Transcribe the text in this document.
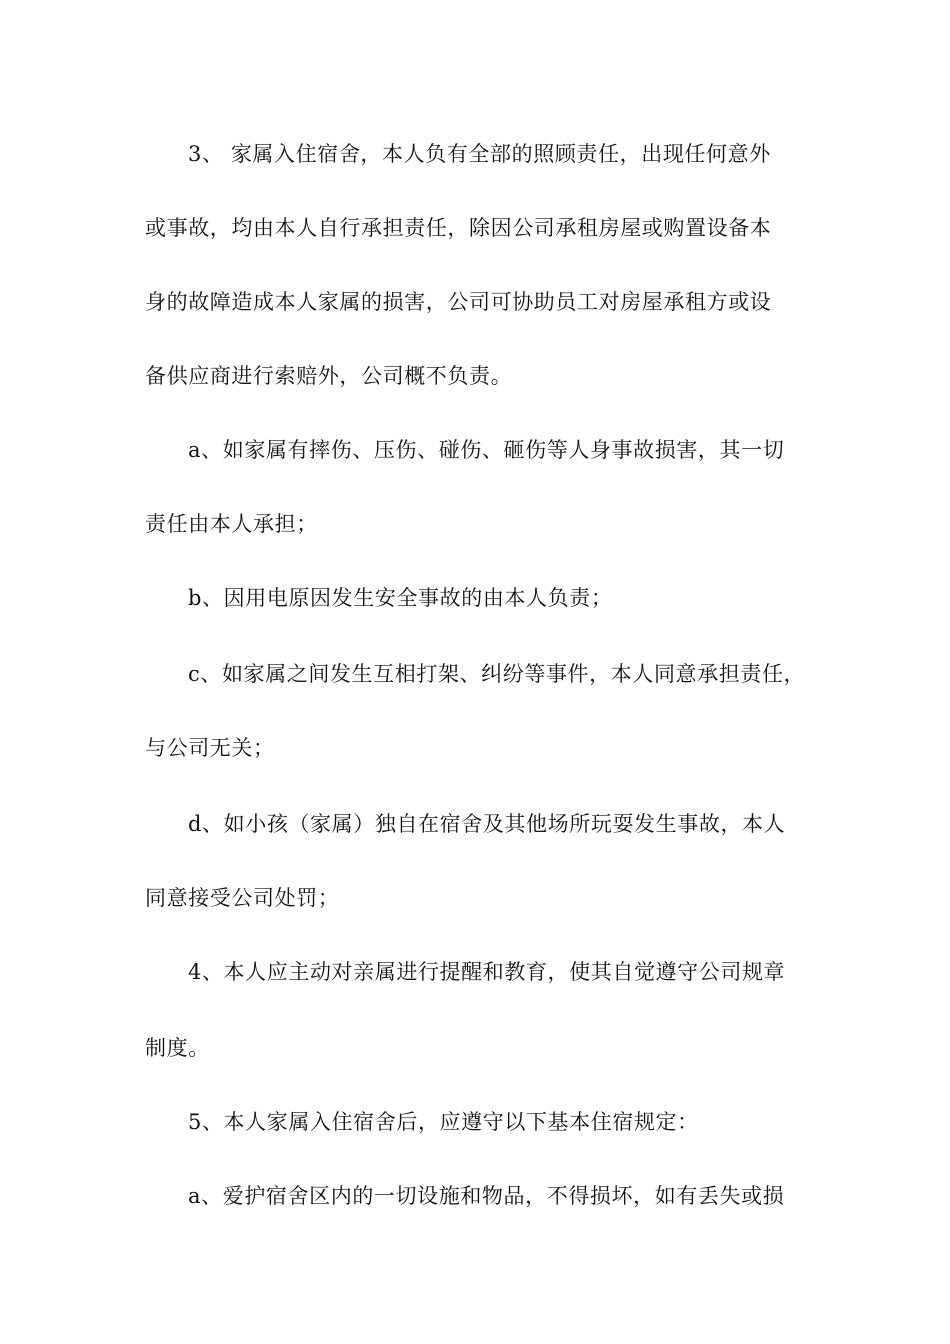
3、 家属入住宿舍，本人负有全部的照顾责任，出现任何意外
或事故，均由本人自行承担责任，除因公司承租房屋或购置设备本
身的故障造成本人家属的损害，公司可协助员工对房屋承租方或设
备供应商进行索赔外，公司概不负责。
a、如家属有摔伤、压伤、碰伤、砸伤等人身事故损害，其一切
责任由本人承担；
b、因用电原因发生安全事故的由本人负责；
c、如家属之间发生互相打架、纠纷等事件，本人同意承担责任，
与公司无关；
d、如小孩（家属）独自在宿舍及其他场所玩耍发生事故，本人
同意接受公司处罚；
4、本人应主动对亲属进行提醒和教育，使其自觉遵守公司规章
制度。
5、本人家属入住宿舍后，应遵守以下基本住宿规定：
a、爱护宿舍区内的一切设施和物品，不得损坏，如有丢失或损
